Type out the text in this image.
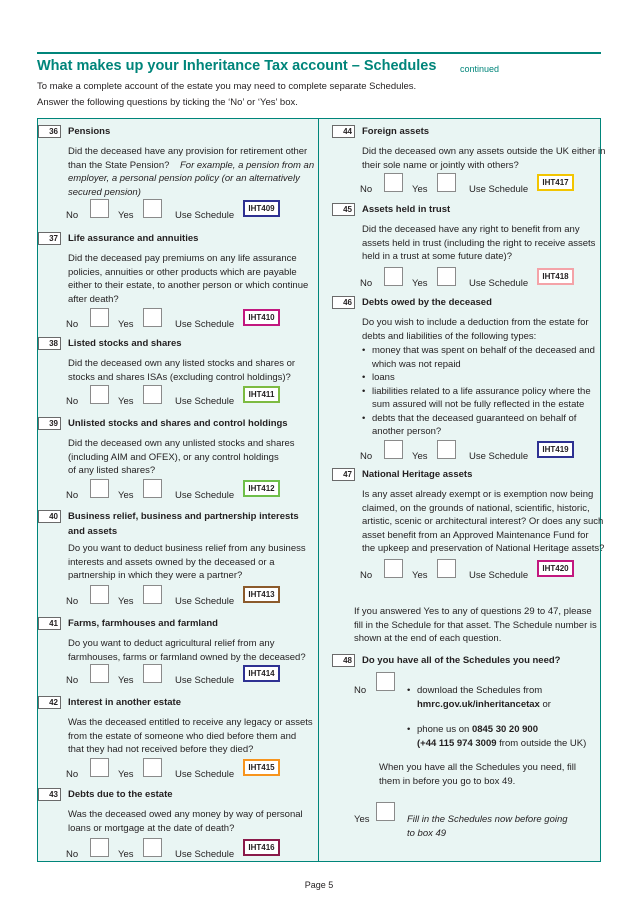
What makes up your Inheritance Tax account – Schedules	continued
To make a complete account of the estate you may need to complete separate Schedules.
Answer the following questions by ticking the ‘No’ or ‘Yes’ box.
36	Pensions
Did the deceased have any provision for retirement other
than the State Pension? For example, a pension from an
employer, a personal pension policy (or an alternatively
secured pension)
No	Yes	Use Schedule
IHT409
37	Life assurance and annuities
Did the deceased pay premiums on any life assurance
policies, annuities or other products which are payable
either to their estate, to another person or which continue
after death?
No	Yes	Use Schedule
IHT410
38	Listed stocks and shares
Did the deceased own any listed stocks and shares or
stocks and shares ISAs (excluding control holdings)?
No	Yes	Use Schedule
IHT411
39	Unlisted stocks and shares and control holdings
Did the deceased own any unlisted stocks and shares
(including AIM and OFEX), or any control holdings
of any listed shares?
No	Yes	Use Schedule
IHT412
40	Business relief, business and partnership interests
and assets
Do you want to deduct business relief from any business
interests and assets owned by the deceased or a
partnership in which they were a partner?
No	Yes	Use Schedule
IHT413
41	Farms, farmhouses and farmland
Do you want to deduct agricultural relief from any
farmhouses, farms or farmland owned by the deceased?
No	Yes	Use Schedule
IHT414
42	Interest in another estate
Was the deceased entitled to receive any legacy or assets
from the estate of someone who died before them and
that they had not received before they died?
No	Yes	Use Schedule
IHT415
43	Debts due to the estate
Was the deceased owed any money by way of personal
loans or mortgage at the date of death?
No	Yes	Use Schedule
IHT416
44	Foreign assets
Did the deceased own any assets outside the UK either in
their sole name or jointly with others?
No	Yes	Use Schedule
IHT417
45	Assets held in trust
Did the deceased have any right to benefit from any
assets held in trust (including the right to receive assets
held in a trust at some future date)?
No	Yes	Use Schedule
IHT418
46	Debts owed by the deceased
Do you wish to include a deduction from the estate for
debts and liabilities of the following types:
• money that was spent on behalf of the deceased and
which was not repaid
• loans
• liabilities related to a life assurance policy where the
sum assured will not be fully reflected in the estate
• debts that the deceased guaranteed on behalf of
another person?
No	Yes	Use Schedule
IHT419
47	National Heritage assets
Is any asset already exempt or is exemption now being
claimed, on the grounds of national, scientific, historic,
artistic, scenic or architectural interest? Or does any such
asset benefit from an Approved Maintenance Fund for
the upkeep and preservation of National Heritage assets?
No	Yes	Use Schedule
IHT420
If you answered Yes to any of questions 29 to 47, please
fill in the Schedule for that asset. The Schedule number is
shown at the end of each question.
48	Do you have all of the Schedules you need?
No	• download the Schedules from
hmrc.gov.uk/inheritancetax or
• phone us on 0845 30 20 900
(+44 115 974 3009 from outside the UK)
When you have all the Schedules you need, fill
them in before you go to box 49.
Yes	Fill in the Schedules now before going
to box 49
Page 5
